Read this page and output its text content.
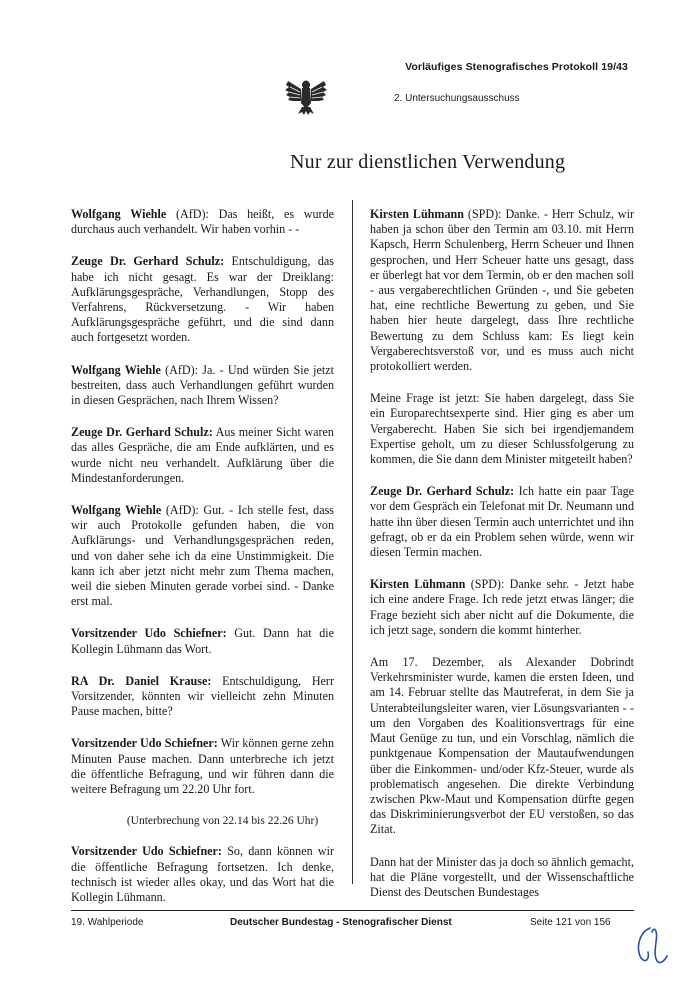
Vorläufiges Stenografisches Protokoll 19/43
2. Untersuchungsausschuss
Nur zur dienstlichen Verwendung

Wolfgang Wiehle (AfD): Das heißt, es wurde durchaus auch verhandelt. Wir haben vorhin - -

Zeuge Dr. Gerhard Schulz: Entschuldigung, das habe ich nicht gesagt. Es war der Dreiklang: Aufklärungsgespräche, Verhandlungen, Stopp des Verfahrens, Rückversetzung. - Wir haben Aufklärungsgespräche geführt, und die sind dann auch fortgesetzt worden.

Wolfgang Wiehle (AfD): Ja. - Und würden Sie jetzt bestreiten, dass auch Verhandlungen geführt wurden in diesen Gesprächen, nach Ihrem Wissen?

Zeuge Dr. Gerhard Schulz: Aus meiner Sicht waren das alles Gespräche, die am Ende aufklärten, und es wurde nicht neu verhandelt. Aufklärung über die Mindestanforderungen.

Wolfgang Wiehle (AfD): Gut. - Ich stelle fest, dass wir auch Protokolle gefunden haben, die von Aufklärungs- und Verhandlungsgesprächen reden, und von daher sehe ich da eine Unstimmigkeit. Die kann ich aber jetzt nicht mehr zum Thema machen, weil die sieben Minuten gerade vorbei sind. - Danke erst mal.

Vorsitzender Udo Schiefner: Gut. Dann hat die Kollegin Lühmann das Wort.

RA Dr. Daniel Krause: Entschuldigung, Herr Vorsitzender, könnten wir vielleicht zehn Minuten Pause machen, bitte?

Vorsitzender Udo Schiefner: Wir können gerne zehn Minuten Pause machen. Dann unterbreche ich jetzt die öffentliche Befragung, und wir führen dann die weitere Befragung um 22.20 Uhr fort.

(Unterbrechung von 22.14 bis 22.26 Uhr)

Vorsitzender Udo Schiefner: So, dann können wir die öffentliche Befragung fortsetzen. Ich denke, technisch ist wieder alles okay, und das Wort hat die Kollegin Lühmann.

Kirsten Lühmann (SPD): Danke. - Herr Schulz, wir haben ja schon über den Termin am 03.10. mit Herrn Kapsch, Herrn Schulenberg, Herrn Scheuer und Ihnen gesprochen, und Herr Scheuer hatte uns gesagt, dass er überlegt hat vor dem Termin, ob er den machen soll - aus vergaberechtlichen Gründen -, und Sie gebeten hat, eine rechtliche Bewertung zu geben, und Sie haben hier heute dargelegt, dass Ihre rechtliche Bewertung zu dem Schluss kam: Es liegt kein Vergaberechtsverstoß vor, und es muss auch nicht protokolliert werden.

Meine Frage ist jetzt: Sie haben dargelegt, dass Sie ein Europarechtsexperte sind. Hier ging es aber um Vergaberecht. Haben Sie sich bei irgendjemandem Expertise geholt, um zu dieser Schlussfolgerung zu kommen, die Sie dann dem Minister mitgeteilt haben?

Zeuge Dr. Gerhard Schulz: Ich hatte ein paar Tage vor dem Gespräch ein Telefonat mit Dr. Neumann und hatte ihn über diesen Termin auch unterrichtet und ihn gefragt, ob er da ein Problem sehen würde, wenn wir diesen Termin machen.

Kirsten Lühmann (SPD): Danke sehr. - Jetzt habe ich eine andere Frage. Ich rede jetzt etwas länger; die Frage bezieht sich aber nicht auf die Dokumente, die ich jetzt sage, sondern die kommt hinterher.

Am 17. Dezember, als Alexander Dobrindt Verkehrsminister wurde, kamen die ersten Ideen, und am 14. Februar stellte das Mautreferat, in dem Sie ja Unterabteilungsleiter waren, vier Lösungsvarianten - - um den Vorgaben des Koalitionsvertrags für eine Maut Genüge zu tun, und ein Vorschlag, nämlich die punktgenaue Kompensation der Mautaufwendungen über die Einkommen- und/oder Kfz-Steuer, wurde als problematisch angesehen. Die direkte Verbindung zwischen Pkw-Maut und Kompensation dürfte gegen das Diskriminierungsverbot der EU verstoßen, so das Zitat.

Dann hat der Minister das ja doch so ähnlich gemacht, hat die Pläne vorgestellt, und der Wissenschaftliche Dienst des Deutschen Bundestages

19. Wahlperiode	Deutscher Bundestag - Stenografischer Dienst	Seite 121 von 156
